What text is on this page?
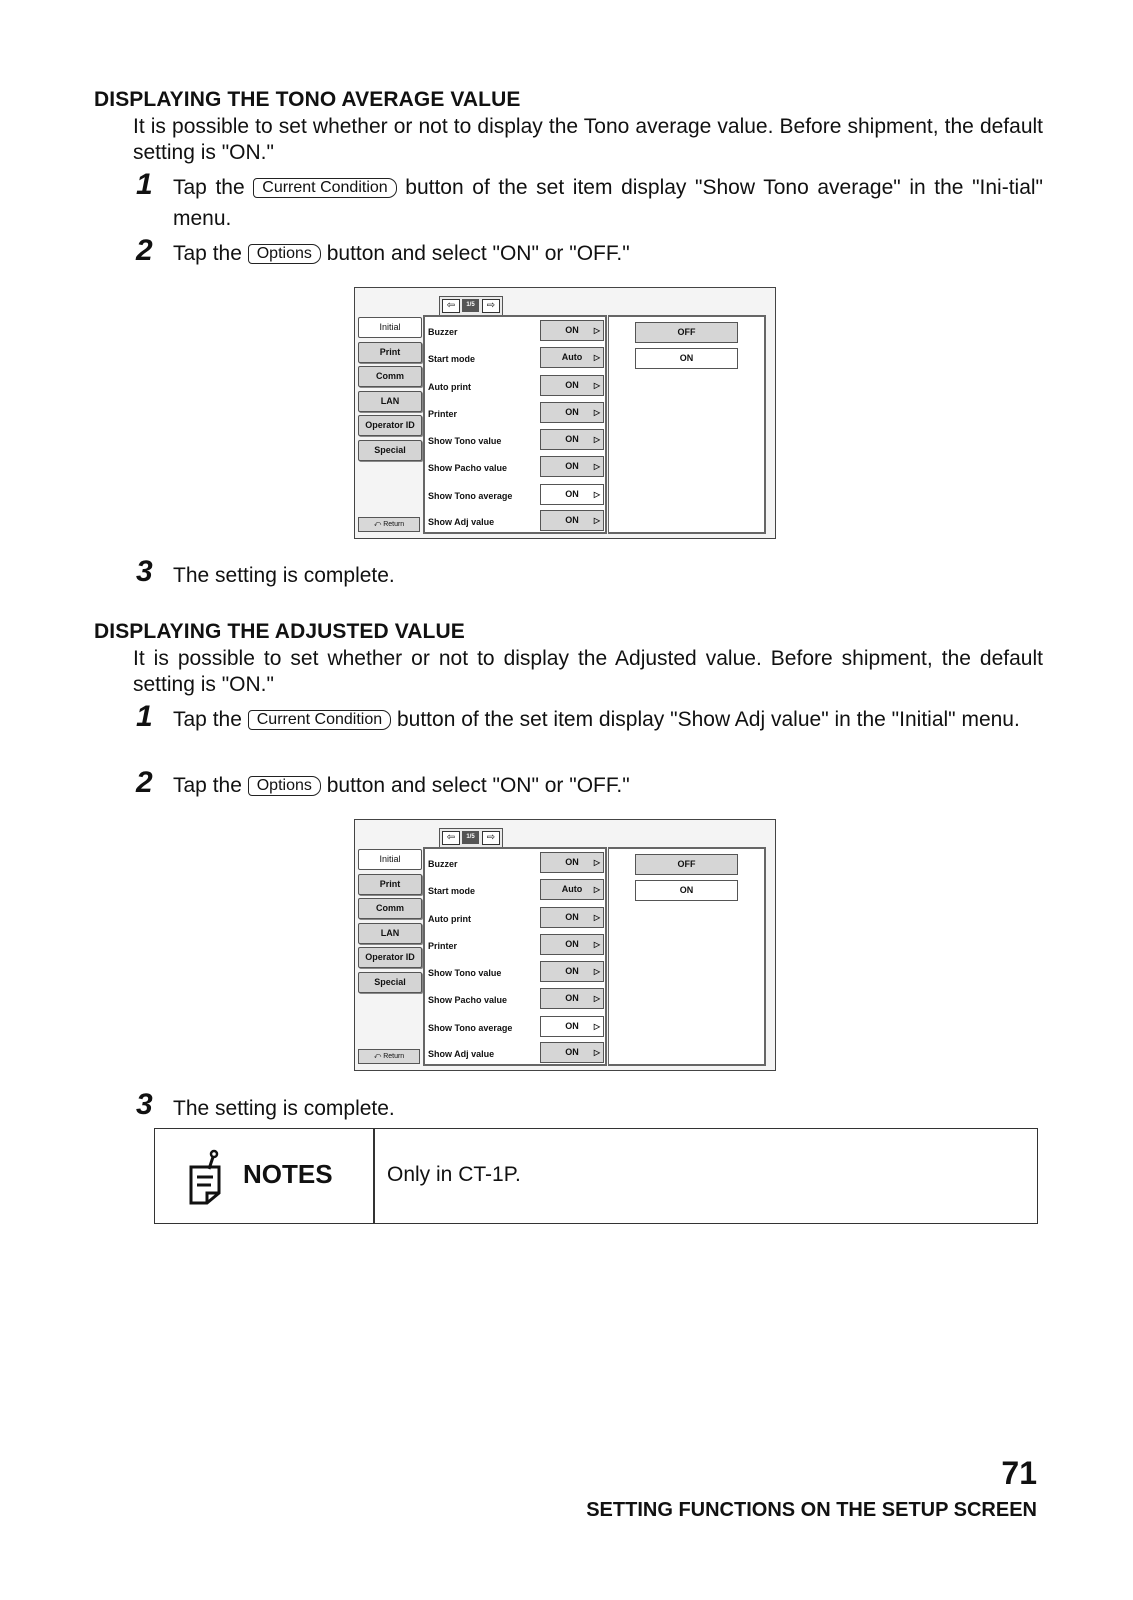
DISPLAYING THE TONO AVERAGE VALUE
It is possible to set whether or not to display the Tono average value. Before shipment, the default setting is "ON."
1 Tap the Current Condition button of the set item display "Show Tono average" in the "Ini-tial" menu.
2 Tap the Options button and select "ON" or "OFF."
⇦	1/5	⇨
Initial
Print
Comm
LAN
Operator ID
Special
⤺ Return
Buzzer	ON ▷
Start mode	Auto ▷
Auto print	ON ▷
Printer	ON ▷
Show Tono value	ON ▷
Show Pacho value	ON ▷
Show Tono average	ON ▷
Show Adj value	ON ▷
OFF
ON
3 The setting is complete.
DISPLAYING THE ADJUSTED VALUE
It is possible to set whether or not to display the Adjusted value. Before shipment, the default setting is "ON."
1 Tap the Current Condition button of the set item display "Show Adj value" in the "Initial" menu.
2 Tap the Options button and select "ON" or "OFF."
⇦	1/5	⇨
Initial
Print
Comm
LAN
Operator ID
Special
⤺ Return
Buzzer	ON ▷
Start mode	Auto ▷
Auto print	ON ▷
Printer	ON ▷
Show Tono value	ON ▷
Show Pacho value	ON ▷
Show Tono average	ON ▷
Show Adj value	ON ▷
OFF
ON
3 The setting is complete.
NOTES	Only in CT-1P.
71
SETTING FUNCTIONS ON THE SETUP SCREEN
